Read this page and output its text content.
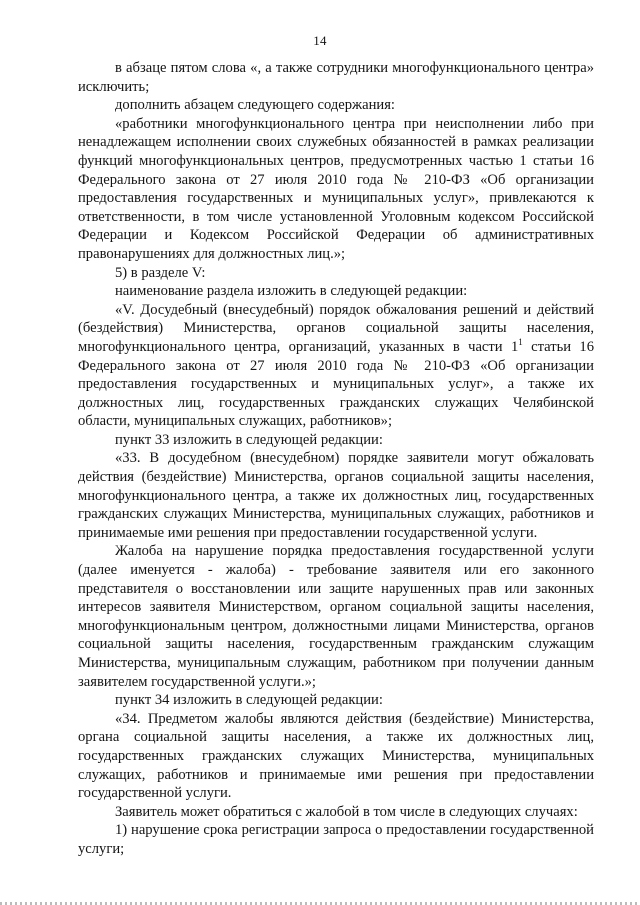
14

в абзаце пятом слова «, а также сотрудники многофункционального центра» исключить;

дополнить абзацем следующего содержания:

«работники многофункционального центра при неисполнении либо при ненадлежащем исполнении своих служебных обязанностей в рамках реализации функций многофункциональных центров, предусмотренных частью 1 статьи 16 Федерального закона от 27 июля 2010 года № 210-ФЗ «Об организации предоставления государственных и муниципальных услуг», привлекаются к ответственности, в том числе установленной Уголовным кодексом Российской Федерации и Кодексом Российской Федерации об административных правонарушениях для должностных лиц.»;

5) в разделе V:

наименование раздела изложить в следующей редакции:

«V. Досудебный (внесудебный) порядок обжалования решений и действий (бездействия) Министерства, органов социальной защиты населения, многофункционального центра, организаций, указанных в части $1^1$ статьи 16 Федерального закона от 27 июля 2010 года № 210-ФЗ «Об организации предоставления государственных и муниципальных услуг», а также их должностных лиц, государственных гражданских служащих Челябинской области, муниципальных служащих, работников»;

пункт 33 изложить в следующей редакции:

«33. В досудебном (внесудебном) порядке заявители могут обжаловать действия (бездействие) Министерства, органов социальной защиты населения, многофункционального центра, а также их должностных лиц, государственных гражданских служащих Министерства, муниципальных служащих, работников и принимаемые ими решения при предоставлении государственной услуги.

Жалоба на нарушение порядка предоставления государственной услуги (далее именуется - жалоба) - требование заявителя или его законного представителя о восстановлении или защите нарушенных прав или законных интересов заявителя Министерством, органом социальной защиты населения, многофункциональным центром, должностными лицами Министерства, органов социальной защиты населения, государственным гражданским служащим Министерства, муниципальным служащим, работником при получении данным заявителем государственной услуги.»;

пункт 34 изложить в следующей редакции:

«34. Предметом жалобы являются действия (бездействие) Министерства, органа социальной защиты населения, а также их должностных лиц, государственных гражданских служащих Министерства, муниципальных служащих, работников и принимаемые ими решения при предоставлении государственной услуги.

Заявитель может обратиться с жалобой в том числе в следующих случаях:

1) нарушение срока регистрации запроса о предоставлении государственной услуги;
